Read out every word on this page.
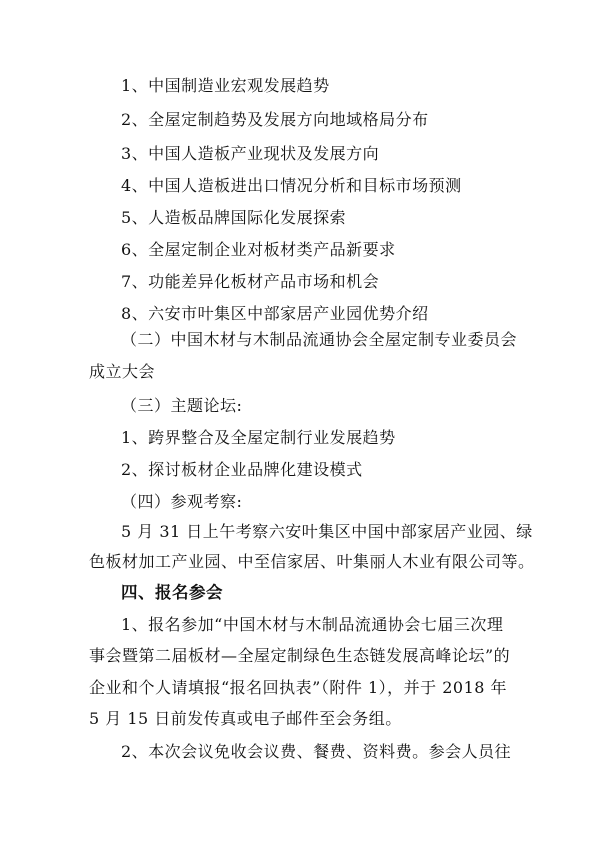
1、中国制造业宏观发展趋势
2、全屋定制趋势及发展方向地域格局分布
3、中国人造板产业现状及发展方向
4、中国人造板进出口情况分析和目标市场预测
5、人造板品牌国际化发展探索
6、全屋定制企业对板材类产品新要求
7、功能差异化板材产品市场和机会
8、六安市叶集区中部家居产业园优势介绍
（二）中国木材与木制品流通协会全屋定制专业委员会
成立大会
（三）主题论坛:
1、跨界整合及全屋定制行业发展趋势
2、探讨板材企业品牌化建设模式
（四）参观考察:
5 月 31 日上午考察六安叶集区中国中部家居产业园、绿
色板材加工产业园、中至信家居、叶集丽人木业有限公司等。
四、报名参会
1、报名参加“中国木材与木制品流通协会七届三次理
事会暨第二届板材—全屋定制绿色生态链发展高峰论坛”的
企业和个人请填报“报名回执表”（附件 1），并于 2018 年
5 月 15 日前发传真或电子邮件至会务组。
2、本次会议免收会议费、餐费、资料费。参会人员往
